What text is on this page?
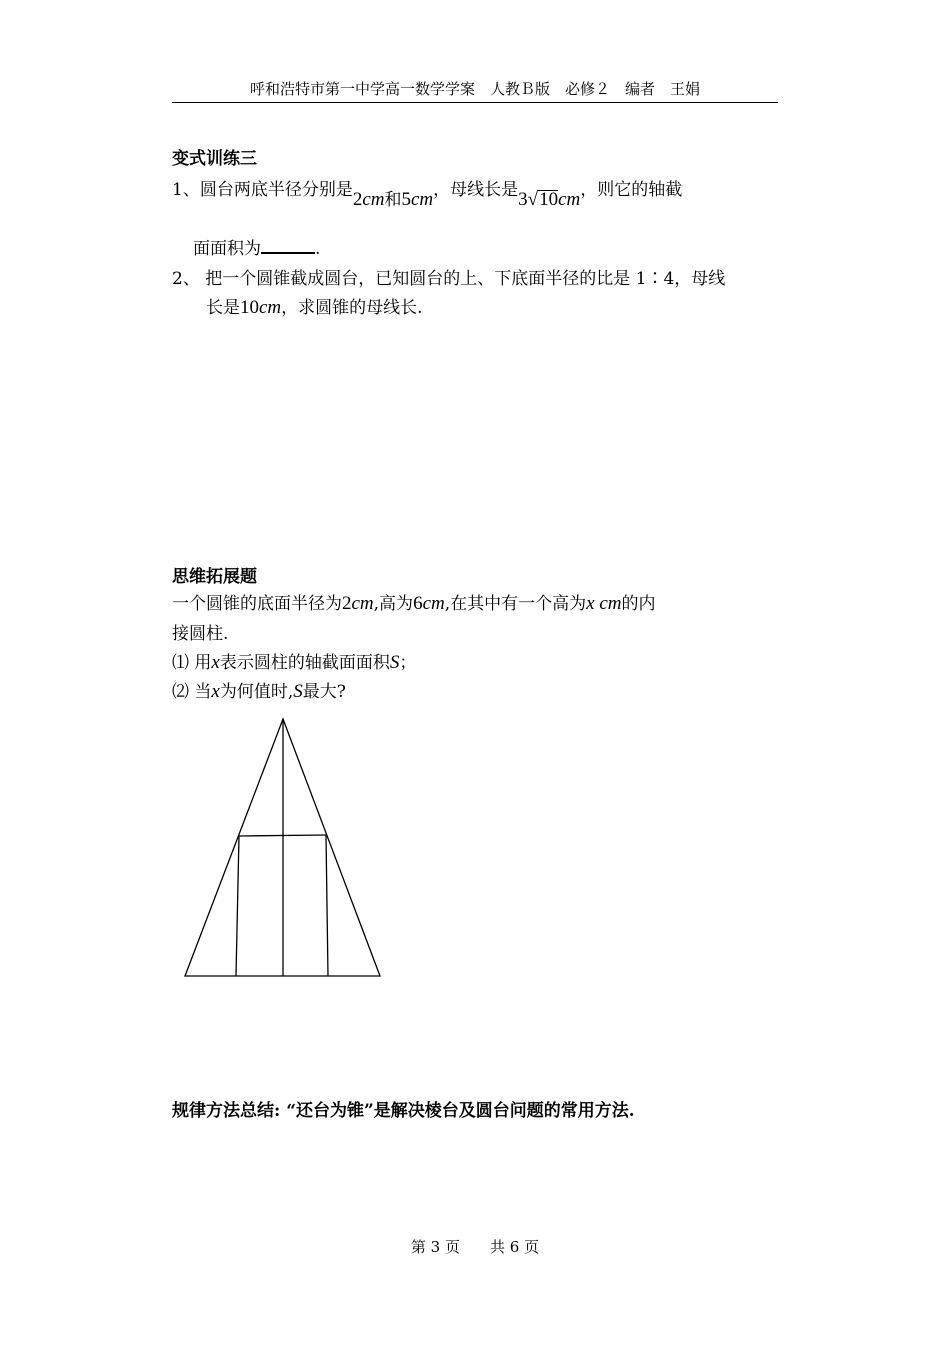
呼和浩特市第一中学高一数学学案　人教Ｂ版　必修２　编者　王娟
变式训练三
1、圆台两底半径分别是2cm和5cm，母线长是3√10cm，则它的轴截
面面积为	.
2、 把一个圆锥截成圆台，已知圆台的上、下底面半径的比是 1∶4，母线
长是10cm，求圆锥的母线长.
思维拓展题
一个圆锥的底面半径为2cm,高为6cm,在其中有一个高为x cm的内
接圆柱.
⑴ 用x表示圆柱的轴截面面积S；
⑵ 当x为何值时,S最大?
规律方法总结: “还台为锥”是解决棱台及圆台问题的常用方法.
第 3 页　　共 6 页
